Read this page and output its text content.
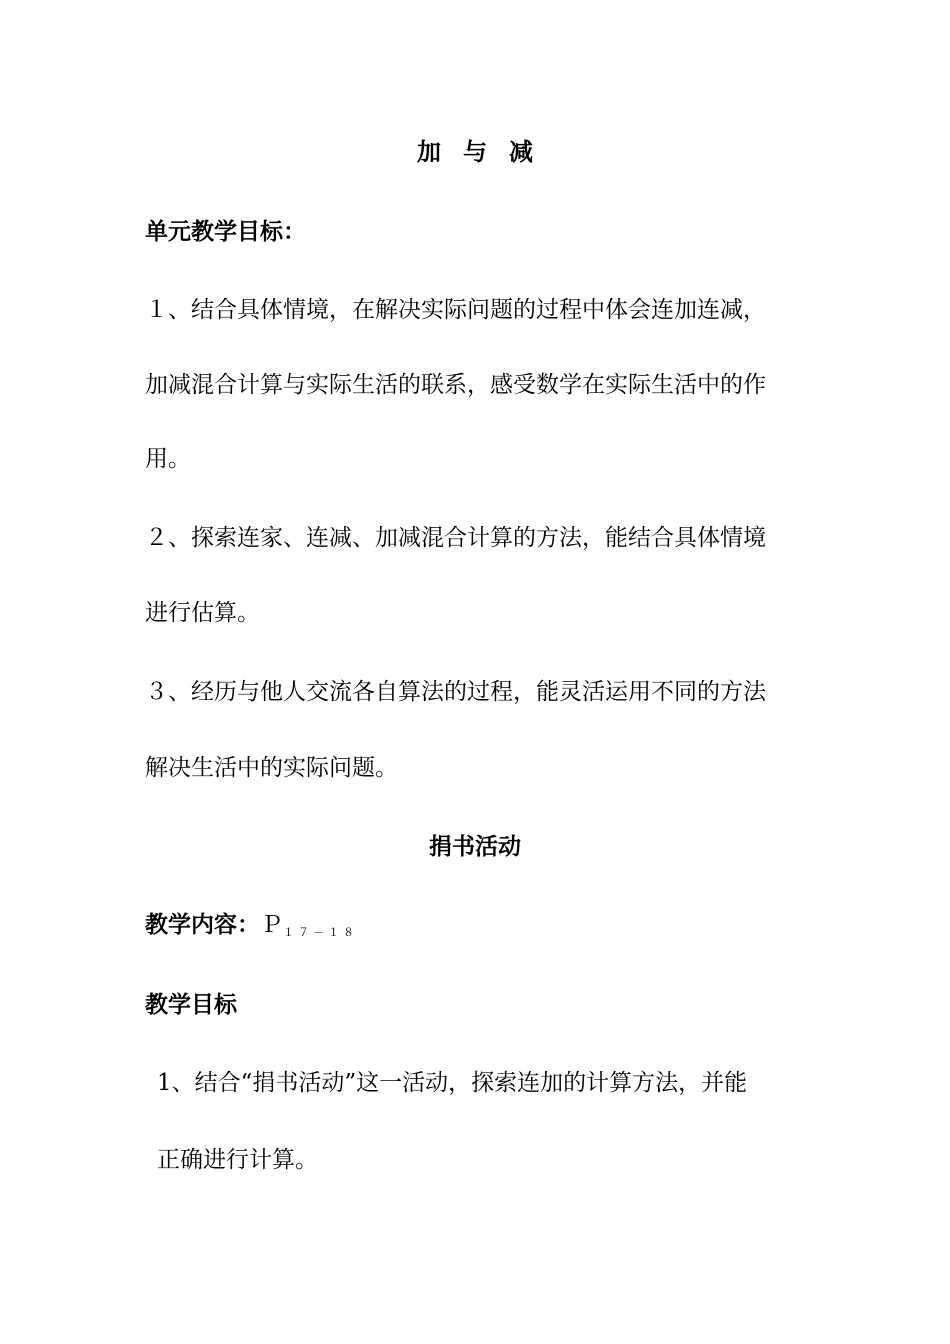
加与减
单元教学目标：
１、结合具体情境，在解决实际问题的过程中体会连加连减，
加减混合计算与实际生活的联系，感受数学在实际生活中的作
用。
２、探索连家、连减、加减混合计算的方法，能结合具体情境
进行估算。
３、经历与他人交流各自算法的过程，能灵活运用不同的方法
解决生活中的实际问题。
捐书活动
教学内容：Ｐ$_{17-18}$
教学目标
1、结合“捐书活动”这一活动，探索连加的计算方法，并能
正确进行计算。
